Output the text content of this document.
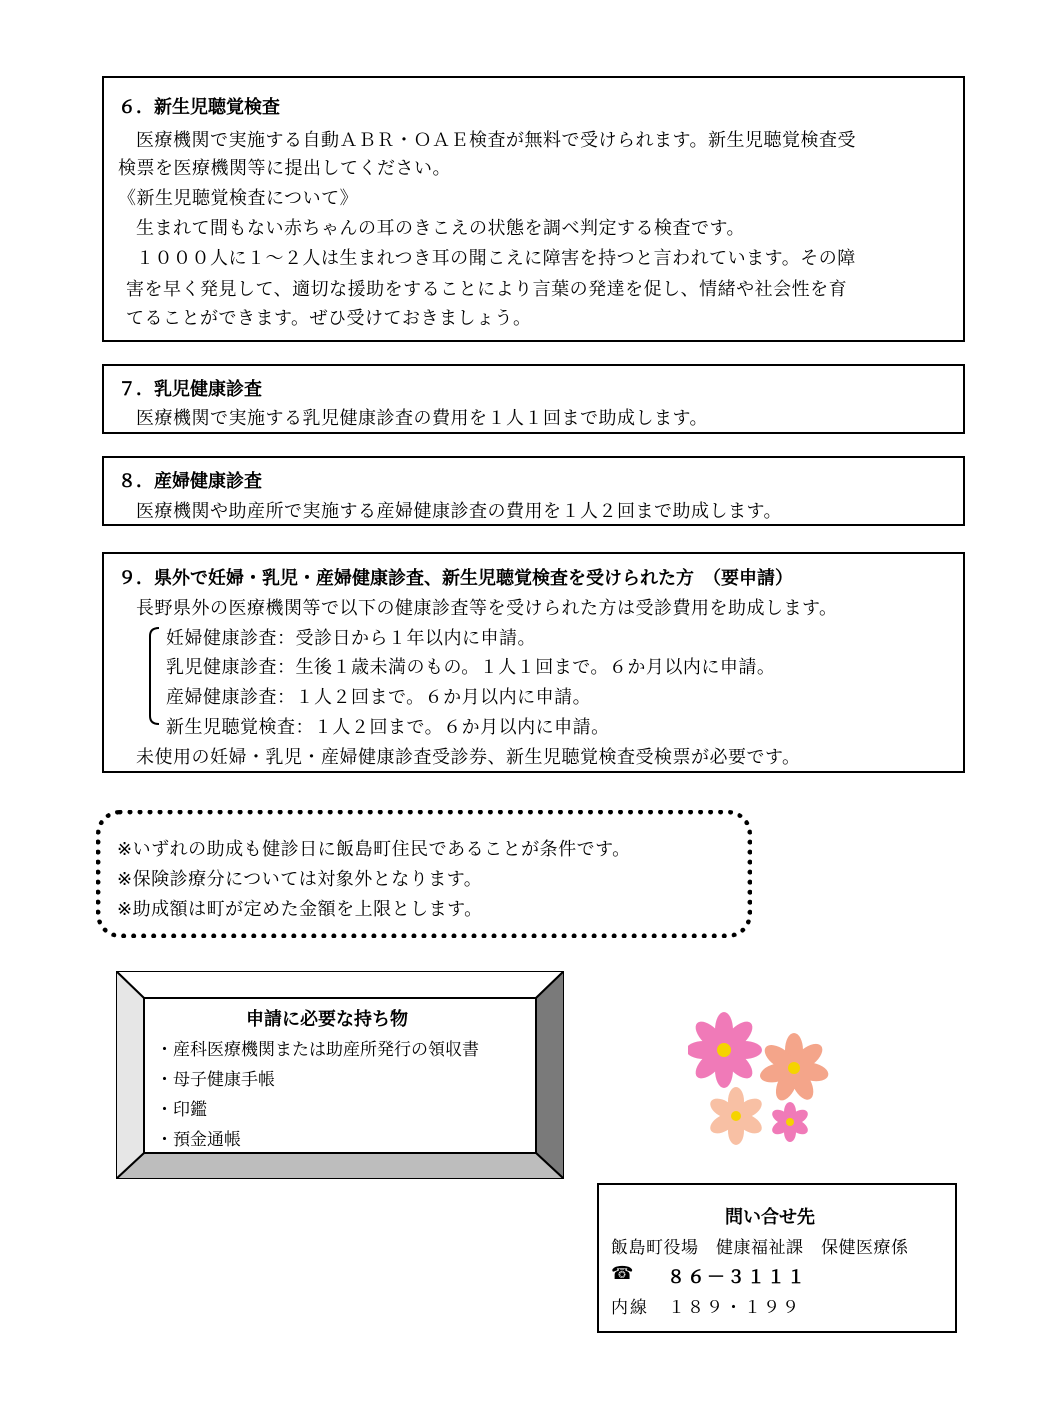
６．新生児聴覚検査
医療機関で実施する自動ＡＢＲ・ＯＡＥ検査が無料で受けられます。新生児聴覚検査受
検票を医療機関等に提出してください。
《新生児聴覚検査について》
生まれて間もない赤ちゃんの耳のきこえの状態を調べ判定する検査です。
１０００人に１～２人は生まれつき耳の聞こえに障害を持つと言われています。その障
害を早く発見して、適切な援助をすることにより言葉の発達を促し、情緒や社会性を育
てることができます。ぜひ受けておきましょう。
７．乳児健康診査
医療機関で実施する乳児健康診査の費用を１人１回まで助成します。
８．産婦健康診査
医療機関や助産所で実施する産婦健康診査の費用を１人２回まで助成します。
９．県外で妊婦・乳児・産婦健康診査、新生児聴覚検査を受けられた方　（要申請）
長野県外の医療機関等で以下の健康診査等を受けられた方は受診費用を助成します。
妊婦健康診査：受診日から１年以内に申請。
乳児健康診査：生後１歳未満のもの。１人１回まで。６か月以内に申請。
産婦健康診査：１人２回まで。６か月以内に申請。
新生児聴覚検査：１人２回まで。６か月以内に申請。
未使用の妊婦・乳児・産婦健康診査受診券、新生児聴覚検査受検票が必要です。
※いずれの助成も健診日に飯島町住民であることが条件です。
※保険診療分については対象外となります。
※助成額は町が定めた金額を上限とします。
申請に必要な持ち物
・産科医療機関または助産所発行の領収書
・母子健康手帳
・印鑑
・預金通帳
問い合せ先
飯島町役場　健康福祉課　保健医療係
☎ ８６－３１１１
内線　１８９・１９９
